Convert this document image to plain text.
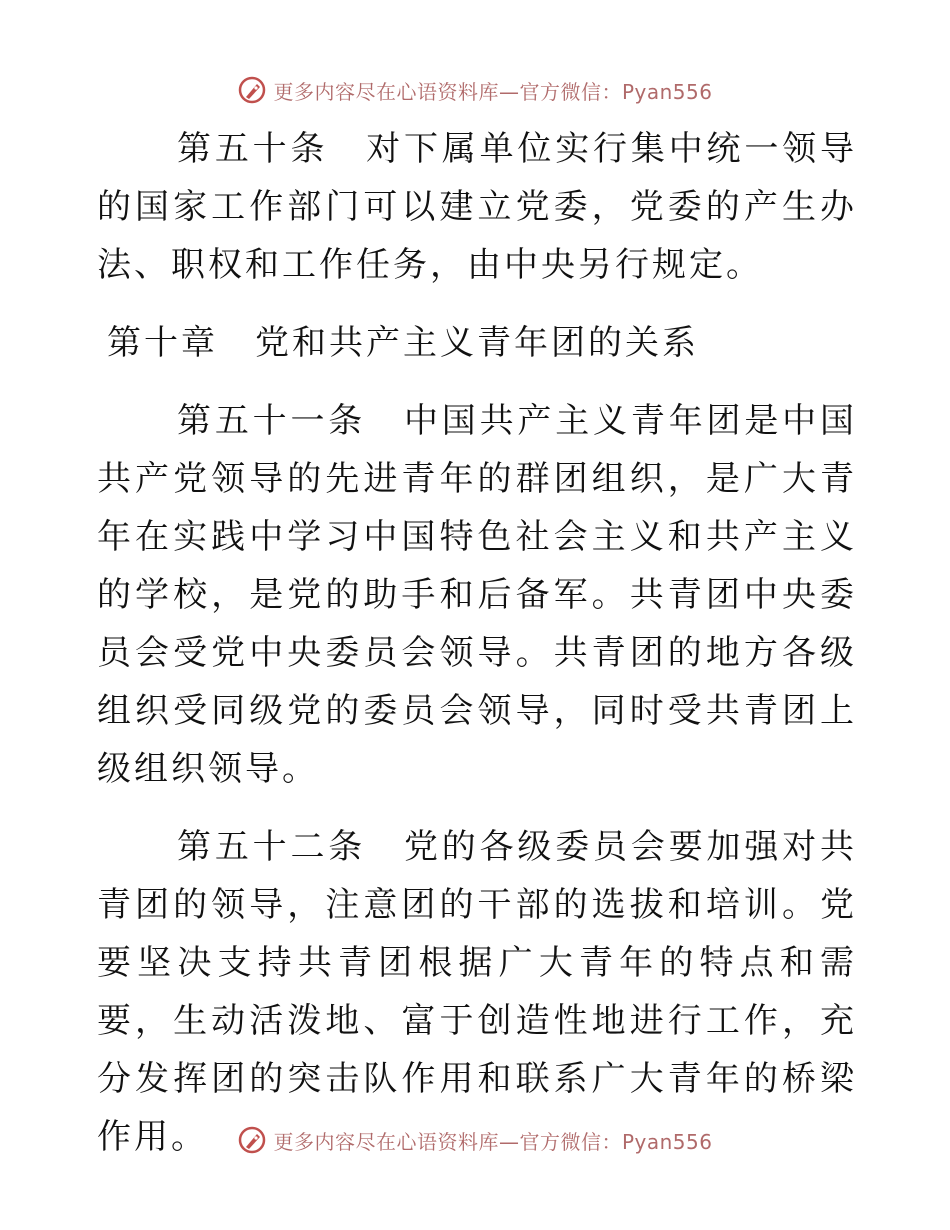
更多内容尽在心语资料库—官方微信：Pyan556

第五十条　对下属单位实行集中统一领导的国家工作部门可以建立党委，党委的产生办法、职权和工作任务，由中央另行规定。

第十章　党和共产主义青年团的关系

第五十一条　中国共产主义青年团是中国共产党领导的先进青年的群团组织，是广大青年在实践中学习中国特色社会主义和共产主义的学校，是党的助手和后备军。共青团中央委员会受党中央委员会领导。共青团的地方各级组织受同级党的委员会领导，同时受共青团上级组织领导。

第五十二条　党的各级委员会要加强对共青团的领导，注意团的干部的选拔和培训。党要坚决支持共青团根据广大青年的特点和需要，生动活泼地、富于创造性地进行工作，充分发挥团的突击队作用和联系广大青年的桥梁作用。	更多内容尽在心语资料库—官方微信：Pyan556
